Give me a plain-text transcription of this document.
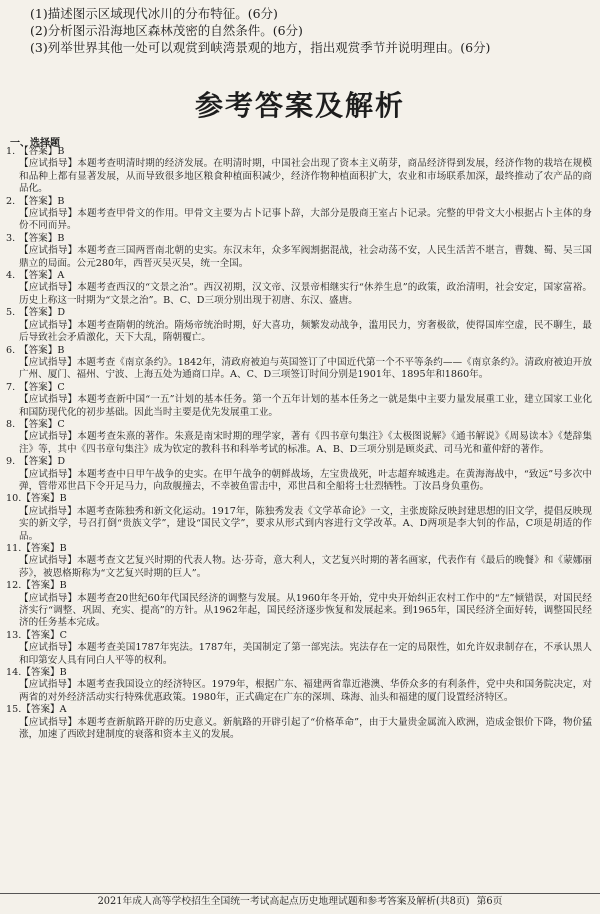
(1)描述图示区域现代冰川的分布特征。(6分)
(2)分析图示沿海地区森林茂密的自然条件。(6分)
(3)列举世界其他一处可以观赏到峡湾景观的地方，指出观赏季节并说明理由。(6分)
参考答案及解析
一、选择题
1. 【答案】B
【应试指导】本题考查明清时期的经济发展。在明清时期，中国社会出现了资本主义萌芽，商品经济得到发展，经济作物的栽培在规模和品种上都有显著发展，从而导致很多地区粮食种植面积减少，经济作物种植面积扩大，农业和市场联系加深，最终推动了农产品的商品化。
2. 【答案】B
【应试指导】本题考查甲骨文的作用。甲骨文主要为占卜记事卜辞，大部分是殷商王室占卜记录。完整的甲骨文大小根据占卜主体的身份不同而异。
3. 【答案】B
【应试指导】本题考查三国两晋南北朝的史实。东汉末年，众多军阀割据混战，社会动荡不安，人民生活苦不堪言，曹魏、蜀、吴三国鼎立的局面。公元280年，西晋灭吴灭吴，统一全国。
4. 【答案】A
【应试指导】本题考查西汉的“文景之治”。西汉初期，汉文帝、汉景帝相继实行“休养生息”的政策，政治清明，社会安定，国家富裕。历史上称这一时期为“文景之治”。B、C、D三项分别出现于初唐、东汉、盛唐。
5. 【答案】D
【应试指导】本题考查隋朝的统治。隋炀帝统治时期，好大喜功，频繁发动战争，滥用民力，穷奢极欲，使得国库空虚，民不聊生，最后导致社会矛盾激化，天下大乱，隋朝覆亡。
6. 【答案】B
【应试指导】本题考查《南京条约》。1842年，清政府被迫与英国签订了中国近代第一个不平等条约——《南京条约》。清政府被迫开放广州、厦门、福州、宁波、上海五处为通商口岸。A、C、D三项签订时间分别是1901年、1895年和1860年。
7. 【答案】C
【应试指导】本题考查新中国“一五”计划的基本任务。第一个五年计划的基本任务之一就是集中主要力量发展重工业，建立国家工业化和国防现代化的初步基础。因此当时主要是优先发展重工业。
8. 【答案】C
【应试指导】本题考查朱熹的著作。朱熹是南宋时期的理学家，著有《四书章句集注》《太极图说解》《通书解说》《周易读本》《楚辞集注》等，其中《四书章句集注》成为钦定的教科书和科举考试的标准。A、B、D三项分别是顾炎武、司马光和董仲舒的著作。
9. 【答案】D
【应试指导】本题考查中日甲午战争的史实。在甲午战争的朝鲜战场，左宝贵战死，叶志超弃城逃走。在黄海海战中，“致远”号多次中弹，管带邓世昌下令开足马力，向敌舰撞去，不幸被鱼雷击中，邓世昌和全船将士壮烈牺牲。丁汝昌身负重伤。
10.【答案】B
【应试指导】本题考查陈独秀和新文化运动。1917年，陈独秀发表《文学革命论》一文，主张废除反映封建思想的旧文学，提倡反映现实的新文学，号召打倒“贵族文学”，建设“国民文学”，要求从形式到内容进行文学改革。A、D两项是李大钊的作品，C项是胡适的作品。
11.【答案】B
【应试指导】本题考查文艺复兴时期的代表人物。达·芬奇，意大利人，文艺复兴时期的著名画家，代表作有《最后的晚餐》和《蒙娜丽莎》，被恩格斯称为“文艺复兴时期的巨人”。
12.【答案】B
【应试指导】本题考查20世纪60年代国民经济的调整与发展。从1960年冬开始，党中央开始纠正农村工作中的“左”倾错误，对国民经济实行“调整、巩固、充实、提高”的方针。从1962年起，国民经济逐步恢复和发展起来。到1965年，国民经济全面好转，调整国民经济的任务基本完成。
13.【答案】C
【应试指导】本题考查美国1787年宪法。1787年，美国制定了第一部宪法。宪法存在一定的局限性，如允许奴隶制存在，不承认黑人和印第安人具有同白人平等的权利。
14.【答案】B
【应试指导】本题考查我国设立的经济特区。1979年，根据广东、福建两省靠近港澳、华侨众多的有利条件，党中央和国务院决定，对两省的对外经济活动实行特殊优惠政策。1980年，正式确定在广东的深圳、珠海、汕头和福建的厦门设置经济特区。
15.【答案】A
【应试指导】本题考查新航路开辟的历史意义。新航路的开辟引起了“价格革命”，由于大量贵金属流入欧洲，造成金银价下降，物价猛涨，加速了西欧封建制度的衰落和资本主义的发展。
2021年成人高等学校招生全国统一考试高起点历史地理试题和参考答案及解析(共8页) 第6页
